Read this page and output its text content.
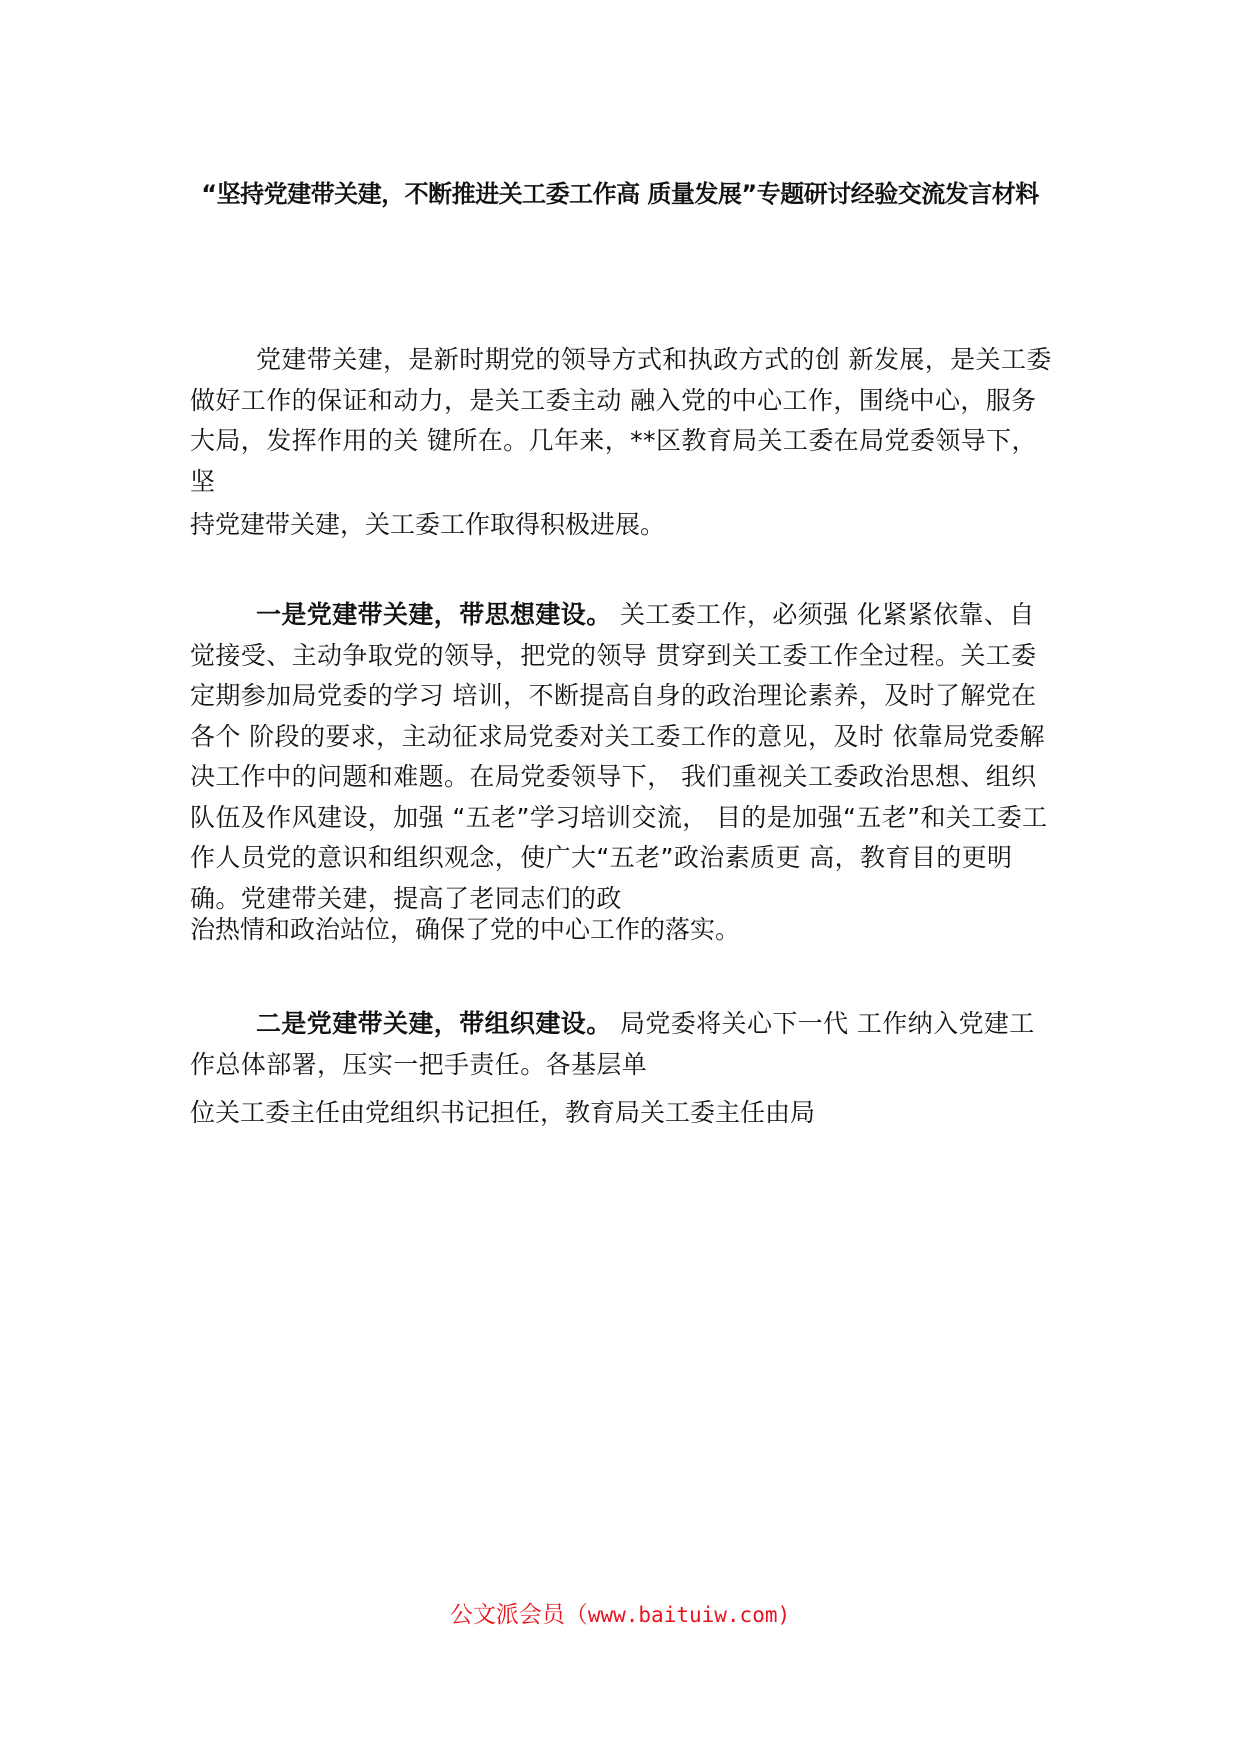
“坚持党建带关建，不断推进关工委工作高 质量发展”专题研讨经验交流发言材料
党建带关建，是新时期党的领导方式和执政方式的创 新发展，是关工委做好工作的保证和动力，是关工委主动 融入党的中心工作，围绕中心，服务大局，发挥作用的关 键所在。几年来，**区教育局关工委在局党委领导下，坚
持党建带关建，关工委工作取得积极进展。
一是党建带关建，带思想建设。 关工委工作，必须强 化紧紧依靠、自觉接受、主动争取党的领导，把党的领导 贯穿到关工委工作全过程。关工委定期参加局党委的学习 培训，不断提高自身的政治理论素养，及时了解党在各个 阶段的要求，主动征求局党委对关工委工作的意见，及时 依靠局党委解决工作中的问题和难题。在局党委领导下， 我们重视关工委政治思想、组织队伍及作风建设，加强 “五老”学习培训交流， 目的是加强“五老”和关工委工 作人员党的意识和组织观念，使广大“五老”政治素质更 高，教育目的更明确。党建带关建，提高了老同志们的政
治热情和政治站位，确保了党的中心工作的落实。
二是党建带关建，带组织建设。 局党委将关心下一代 工作纳入党建工作总体部署，压实一把手责任。各基层单
位关工委主任由党组织书记担任，教育局关工委主任由局
公文派会员（www.baituiw.com)
